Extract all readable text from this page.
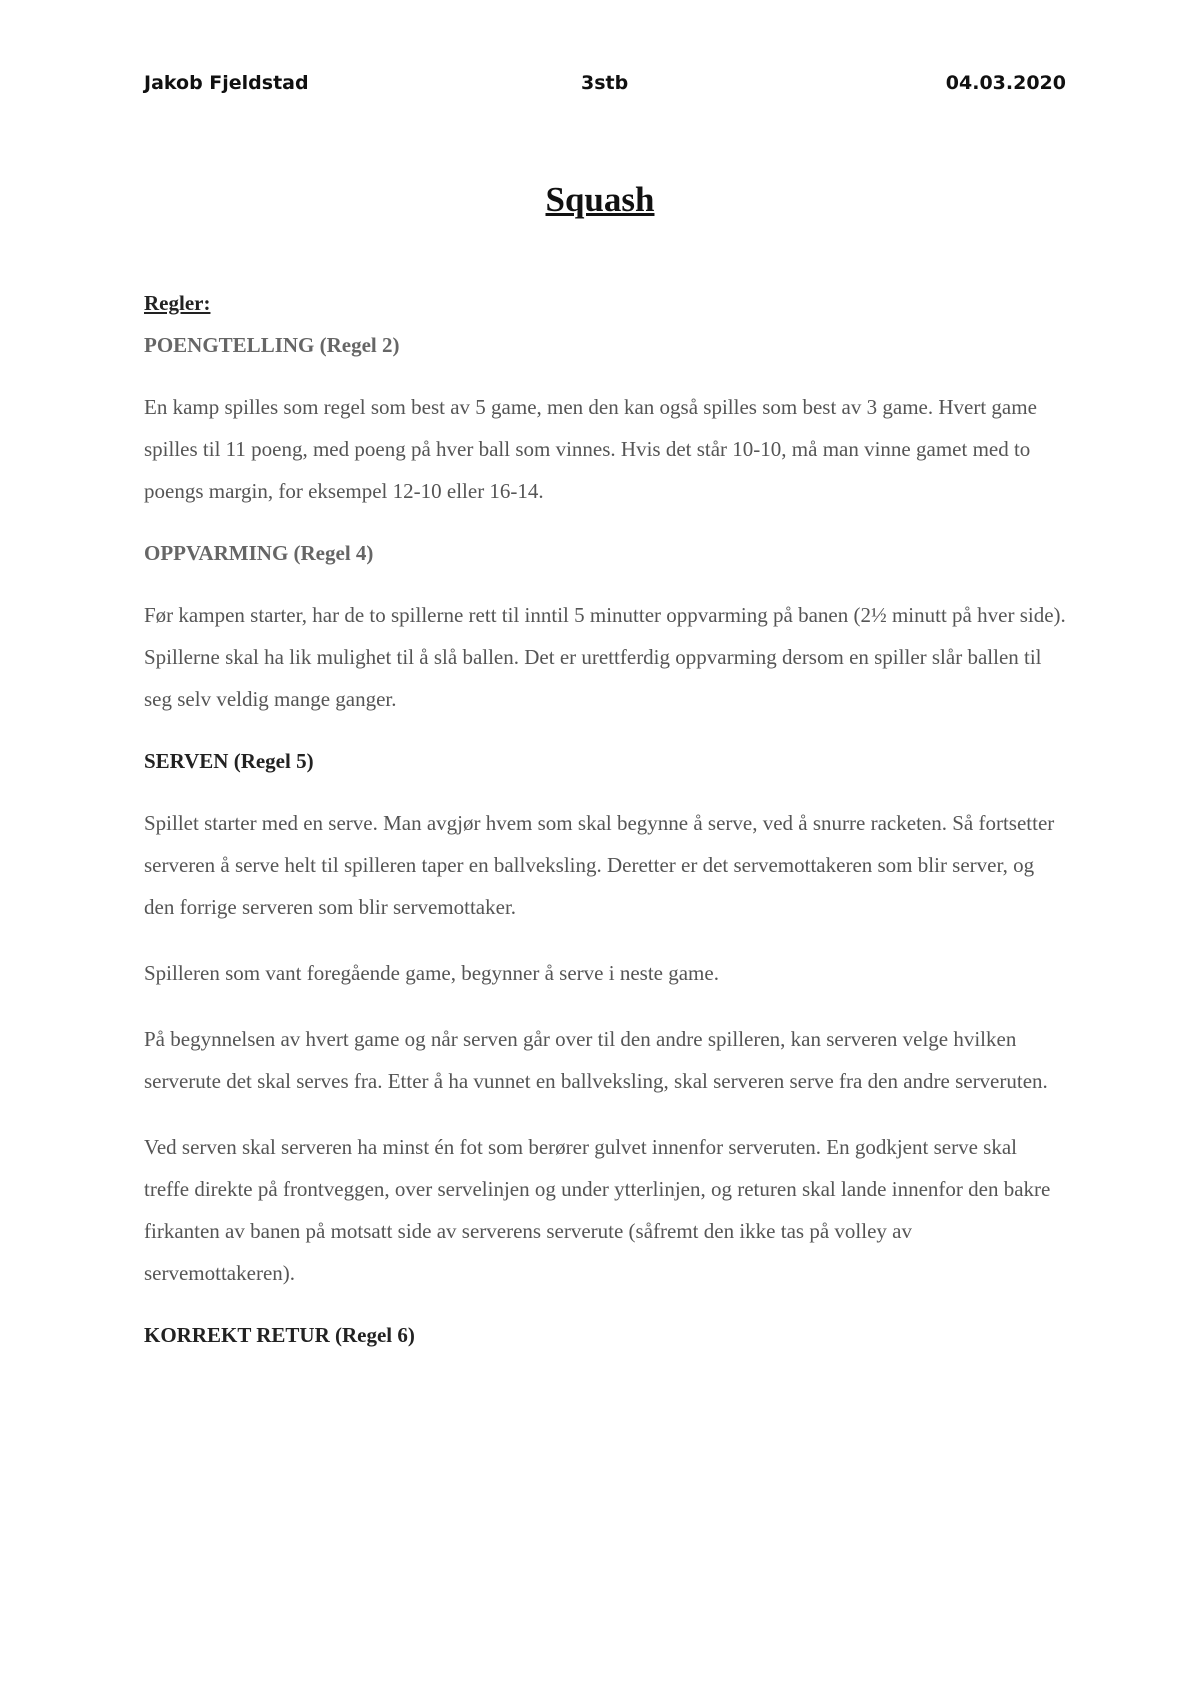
Jakob Fjeldstad	3stb	04.03.2020
Squash
Regler:
POENGTELLING (Regel 2)
En kamp spilles som regel som best av 5 game, men den kan også spilles som best av 3 game. Hvert game spilles til 11 poeng, med poeng på hver ball som vinnes. Hvis det står 10-10, må man vinne gamet med to poengs margin, for eksempel 12-10 eller 16-14.
OPPVARMING (Regel 4)
Før kampen starter, har de to spillerne rett til inntil 5 minutter oppvarming på banen (2½ minutt på hver side). Spillerne skal ha lik mulighet til å slå ballen. Det er urettferdig oppvarming dersom en spiller slår ballen til seg selv veldig mange ganger.
SERVEN (Regel 5)
Spillet starter med en serve. Man avgjør hvem som skal begynne å serve, ved å snurre racketen. Så fortsetter serveren å serve helt til spilleren taper en ballveksling. Deretter er det servemottakeren som blir server, og den forrige serveren som blir servemottaker.
Spilleren som vant foregående game, begynner å serve i neste game.
På begynnelsen av hvert game og når serven går over til den andre spilleren, kan serveren velge hvilken serverute det skal serves fra. Etter å ha vunnet en ballveksling, skal serveren serve fra den andre serveruten.
Ved serven skal serveren ha minst én fot som berører gulvet innenfor serveruten. En godkjent serve skal treffe direkte på frontveggen, over servelinjen og under ytterlinjen, og returen skal lande innenfor den bakre firkanten av banen på motsatt side av serverens serverute (såfremt den ikke tas på volley av servemottakeren).
KORREKT RETUR (Regel 6)
